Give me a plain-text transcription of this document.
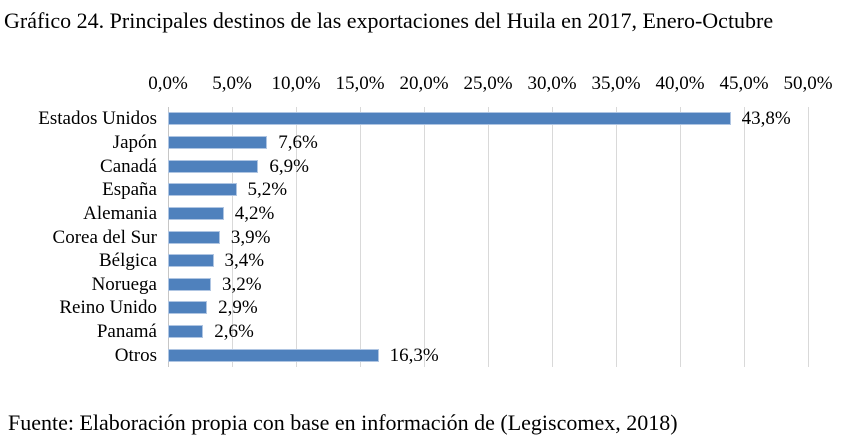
Gráfico 24. Principales destinos de las exportaciones del Huila en 2017, Enero-Octubre
0,0% 5,0% 10,0% 15,0% 20,0% 25,0% 30,0% 35,0% 40,0% 45,0% 50,0%
Estados Unidos	43,8%
Japón	7,6%
Canadá	6,9%
España	5,2%
Alemania	4,2%
Corea del Sur	3,9%
Bélgica	3,4%
Noruega	3,2%
Reino Unido	2,9%
Panamá	2,6%
Otros	16,3%
Fuente: Elaboración propia con base en información de (Legiscomex, 2018)
